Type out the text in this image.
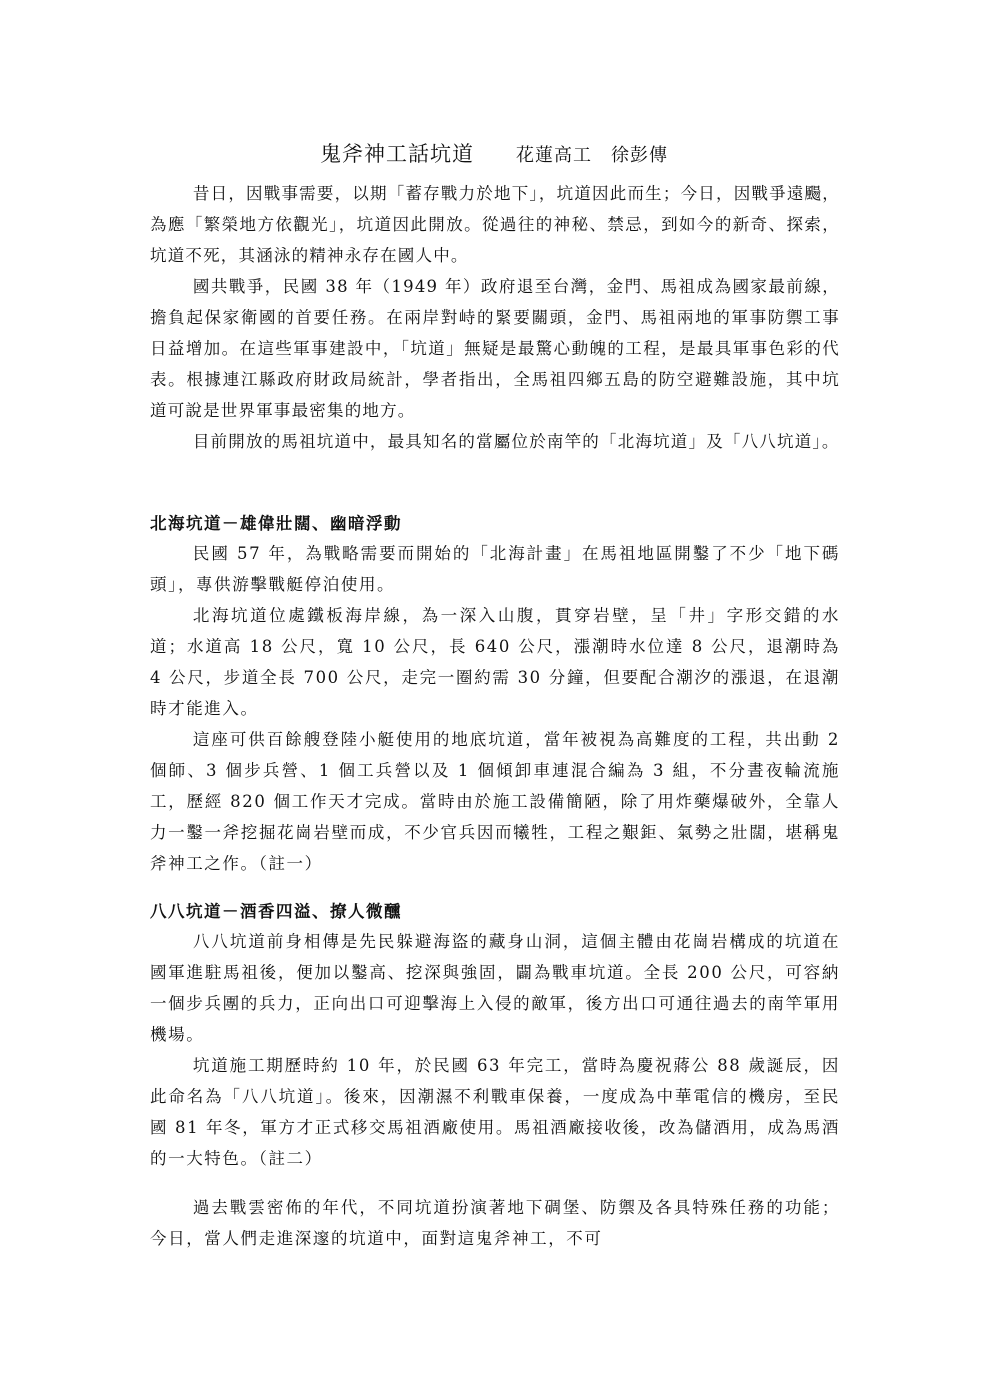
鬼斧神工話坑道 花蓮高工　徐彭傳

昔日，因戰事需要，以期「蓄存戰力於地下」，坑道因此而生；今日，因戰爭遠颺，為應「繁榮地方依觀光」，坑道因此開放。從過往的神秘、禁忌，到如今的新奇、探索，坑道不死，其涵泳的精神永存在國人中。

國共戰爭，民國 38 年（1949 年）政府退至台灣，金門、馬祖成為國家最前線，擔負起保家衛國的首要任務。在兩岸對峙的緊要關頭，金門、馬祖兩地的軍事防禦工事日益增加。在這些軍事建設中，「坑道」無疑是最驚心動魄的工程，是最具軍事色彩的代表。根據連江縣政府財政局統計，學者指出，全馬祖四鄉五島的防空避難設施，其中坑道可說是世界軍事最密集的地方。

目前開放的馬祖坑道中，最具知名的當屬位於南竿的「北海坑道」及「八八坑道」。

北海坑道－雄偉壯闊、幽暗浮動

民國 57 年，為戰略需要而開始的「北海計畫」在馬祖地區開鑿了不少「地下碼頭」，專供游擊戰艇停泊使用。

北海坑道位處鐵板海岸線，為一深入山腹，貫穿岩壁，呈「井」字形交錯的水道；水道高 18 公尺，寬 10 公尺，長 640 公尺，漲潮時水位達 8 公尺，退潮時為 4 公尺，步道全長 700 公尺，走完一圈約需 30 分鐘，但要配合潮汐的漲退，在退潮時才能進入。

這座可供百餘艘登陸小艇使用的地底坑道，當年被視為高難度的工程，共出動 2 個師、3 個步兵營、1 個工兵營以及 1 個傾卸車連混合編為 3 組，不分晝夜輪流施工，歷經 820 個工作天才完成。當時由於施工設備簡陋，除了用炸藥爆破外，全靠人力一鑿一斧挖掘花崗岩壁而成，不少官兵因而犧牲，工程之艱鉅、氣勢之壯闊，堪稱鬼斧神工之作。（註一）

八八坑道－酒香四溢、撩人微醺

八八坑道前身相傳是先民躲避海盜的藏身山洞，這個主體由花崗岩構成的坑道在國軍進駐馬祖後，便加以鑿高、挖深與強固，闢為戰車坑道。全長 200 公尺，可容納一個步兵團的兵力，正向出口可迎擊海上入侵的敵軍，後方出口可通往過去的南竿軍用機場。

坑道施工期歷時約 10 年，於民國 63 年完工，當時為慶祝蔣公 88 歲誕辰，因此命名為「八八坑道」。後來，因潮濕不利戰車保養，一度成為中華電信的機房，至民國 81 年冬，軍方才正式移交馬祖酒廠使用。馬祖酒廠接收後，改為儲酒用，成為馬酒的一大特色。（註二）

過去戰雲密佈的年代，不同坑道扮演著地下碉堡、防禦及各具特殊任務的功能；今日，當人們走進深邃的坑道中，面對這鬼斧神工，不可
